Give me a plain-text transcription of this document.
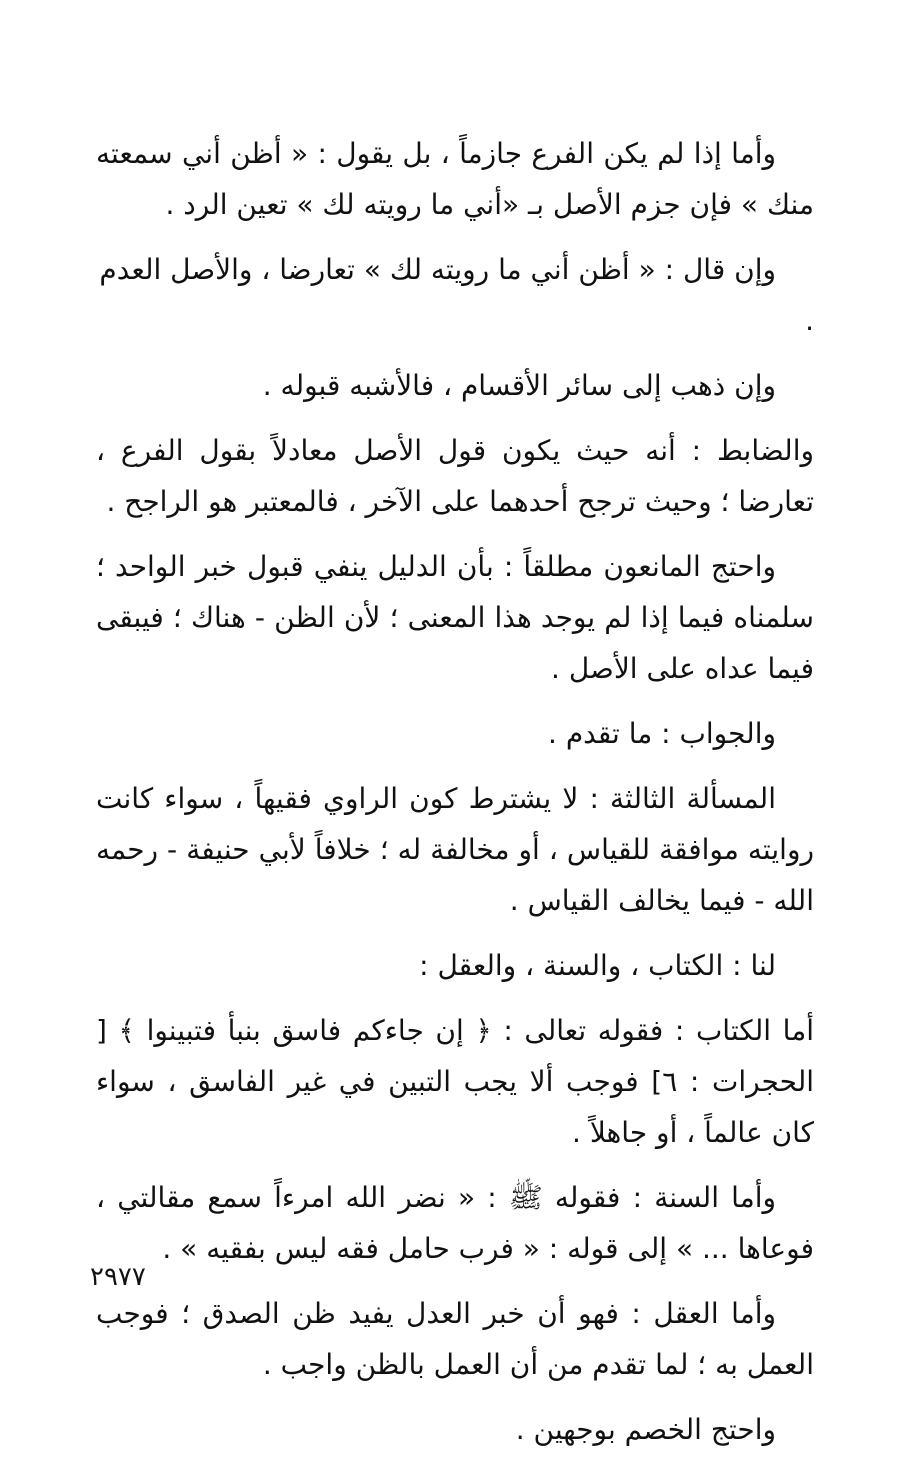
وأما إذا لم يكن الفرع جازماً ، بل يقول : « أظن أني سمعته منك » فإن جزم الأصل بـ «أني ما رويته لك » تعين الرد .

وإن قال : « أظن أني ما رويته لك » تعارضا ، والأصل العدم .

وإن ذهب إلى سائر الأقسام ، فالأشبه قبوله .

والضابط : أنه حيث يكون قول الأصل معادلاً بقول الفرع ، تعارضا ؛ وحيث ترجح أحدهما على الآخر ، فالمعتبر هو الراجح .

واحتج المانعون مطلقاً : بأن الدليل ينفي قبول خبر الواحد ؛ سلمناه فيما إذا لم يوجد هذا المعنى ؛ لأن الظن - هناك ؛ فيبقى فيما عداه على الأصل .

والجواب : ما تقدم .

المسألة الثالثة : لا يشترط كون الراوي فقيهاً ، سواء كانت روايته موافقة للقياس ، أو مخالفة له ؛ خلافاً لأبي حنيفة - رحمه الله - فيما يخالف القياس .

لنا : الكتاب ، والسنة ، والعقل :

أما الكتاب : فقوله تعالى : ﴿ إن جاءكم فاسق بنبأ فتبينوا ﴾ [ الحجرات : ٦] فوجب ألا يجب التبين في غير الفاسق ، سواء كان عالماً ، أو جاهلاً .

وأما السنة : فقوله ﷺ : « نضر الله امرءاً سمع مقالتي ، فوعاها ... » إلى قوله : « فرب حامل فقه ليس بفقيه » .

وأما العقل : فهو أن خبر العدل يفيد ظن الصدق ؛ فوجب العمل به ؛ لما تقدم من أن العمل بالظن واجب .

واحتج الخصم بوجهين .

٢٩٧٧
